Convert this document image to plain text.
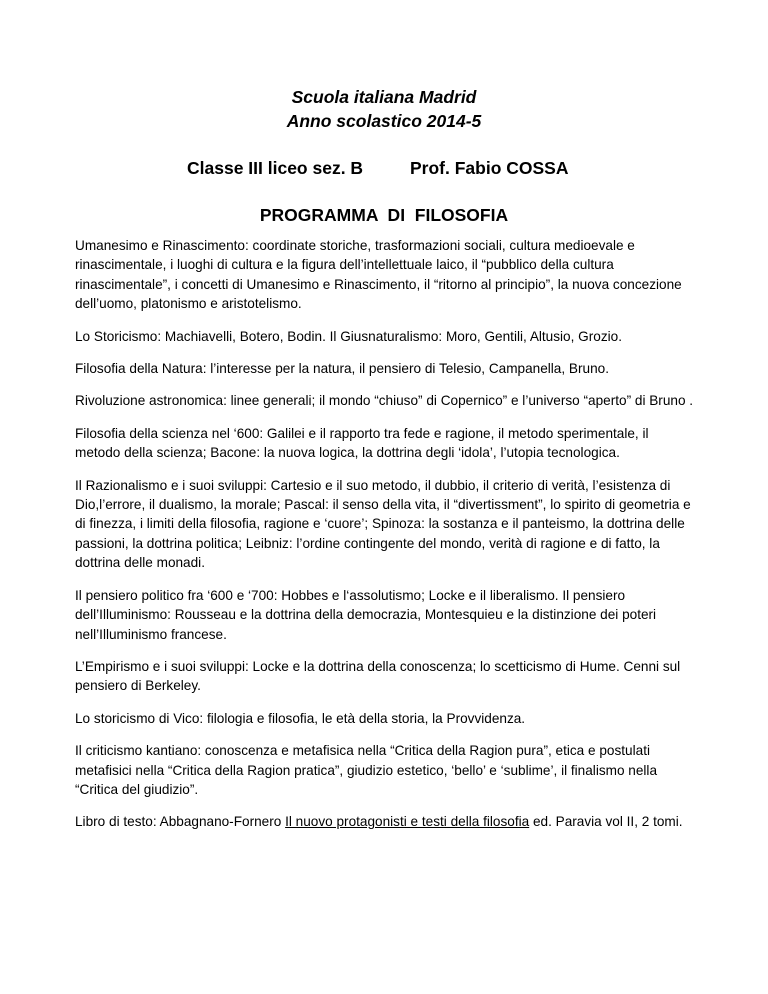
Scuola italiana Madrid
Anno scolastico 2014-5
Classe III liceo sez. B	Prof. Fabio COSSA
PROGRAMMA  DI  FILOSOFIA

Umanesimo e Rinascimento: coordinate storiche, trasformazioni sociali, cultura medioevale e rinascimentale, i luoghi di cultura e la figura dell’intellettuale laico, il “pubblico della cultura rinascimentale”, i concetti di Umanesimo e Rinascimento, il “ritorno al principio”, la nuova concezione dell’uomo, platonismo e aristotelismo.

Lo Storicismo: Machiavelli, Botero, Bodin. Il Giusnaturalismo: Moro, Gentili, Altusio, Grozio.

Filosofia della Natura: l’interesse per la natura, il pensiero di Telesio, Campanella, Bruno.

Rivoluzione astronomica: linee generali; il mondo “chiuso” di Copernico” e l’universo “aperto” di Bruno .

Filosofia della scienza nel ‘600: Galilei e il rapporto tra fede e ragione, il metodo sperimentale, il metodo della scienza; Bacone: la nuova logica, la dottrina degli ‘idola’, l’utopia tecnologica.

Il Razionalismo e i suoi sviluppi: Cartesio e il suo metodo, il dubbio, il criterio di verità, l’esistenza di Dio,l’errore, il dualismo, la morale; Pascal: il senso della vita, il “divertissment”, lo spirito di geometria e di finezza, i limiti della filosofia, ragione e ‘cuore’; Spinoza: la sostanza e il panteismo, la dottrina delle passioni, la dottrina politica; Leibniz: l’ordine contingente del mondo, verità di ragione e di fatto, la dottrina delle monadi.

Il pensiero politico fra ‘600 e ‘700: Hobbes e l‘assolutismo; Locke e il liberalismo. Il pensiero dell’Illuminismo: Rousseau e la dottrina della democrazia, Montesquieu e la distinzione dei poteri nell’Illuminismo francese.

L’Empirismo e i suoi sviluppi: Locke e la dottrina della conoscenza; lo scetticismo di Hume. Cenni sul pensiero di Berkeley.

Lo storicismo di Vico: filologia e filosofia, le età della storia, la Provvidenza.

Il criticismo kantiano: conoscenza e metafisica nella “Critica della Ragion pura”, etica e postulati metafisici nella “Critica della Ragion pratica”, giudizio estetico, ‘bello’ e ‘sublime’, il finalismo nella “Critica del giudizio”.

Libro di testo: Abbagnano-Fornero Il nuovo protagonisti e testi della filosofia ed. Paravia vol II, 2 tomi.
